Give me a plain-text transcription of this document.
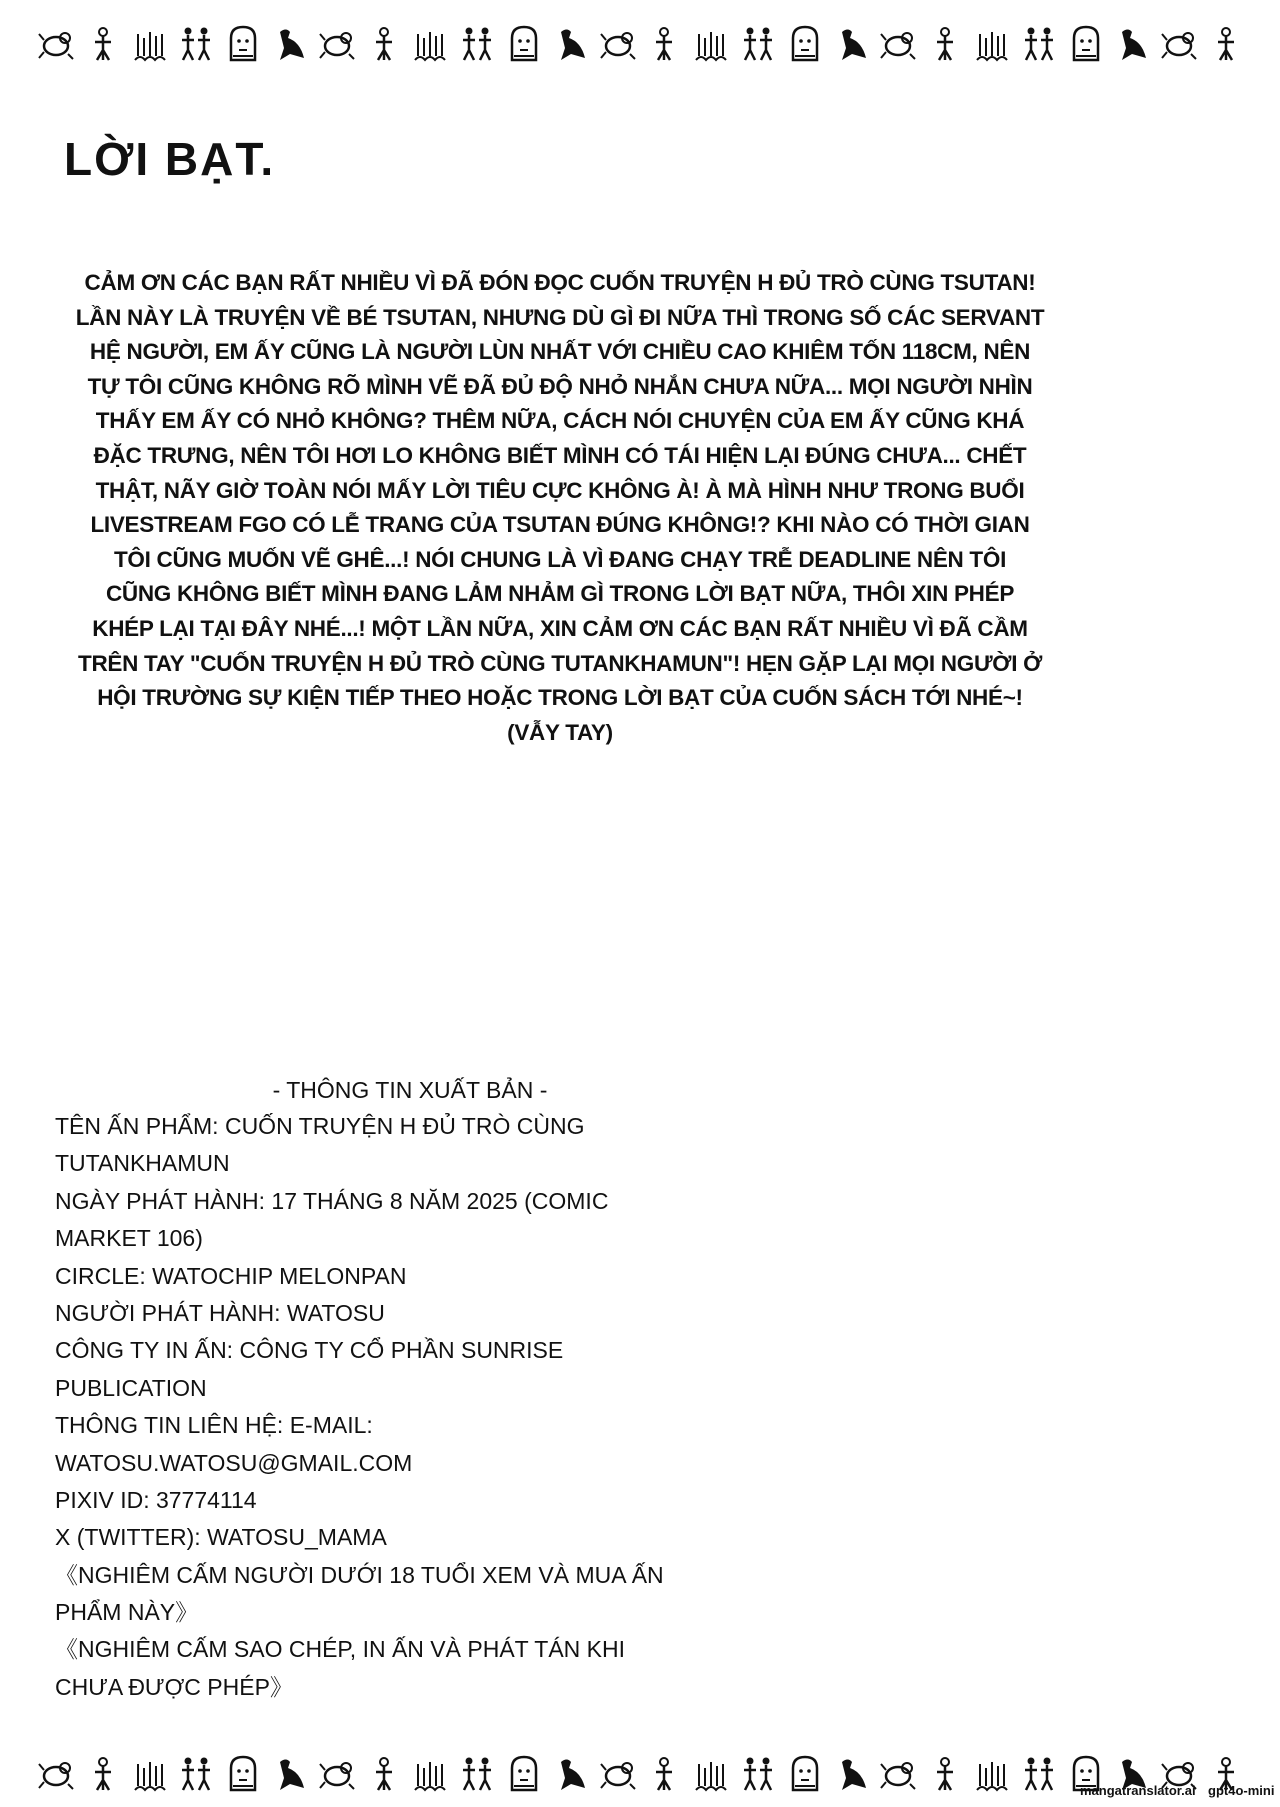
LỜI BẠT.
CẢM ƠN CÁC BẠN RẤT NHIỀU VÌ ĐÃ ĐÓN ĐỌC CUỐN TRUYỆN H ĐỦ TRÒ CÙNG TSUTAN!
LẦN NÀY LÀ TRUYỆN VỀ BÉ TSUTAN, NHƯNG DÙ GÌ ĐI NỮA THÌ TRONG SỐ CÁC SERVANT
HỆ NGƯỜI, EM ẤY CŨNG LÀ NGƯỜI LÙN NHẤT VỚI CHIỀU CAO KHIÊM TỐN 118CM, NÊN
TỰ TÔI CŨNG KHÔNG RÕ MÌNH VẼ ĐÃ ĐỦ ĐỘ NHỎ NHẮN CHƯA NỮA... MỌI NGƯỜI NHÌN
THẤY EM ẤY CÓ NHỎ KHÔNG? THÊM NỮA, CÁCH NÓI CHUYỆN CỦA EM ẤY CŨNG KHÁ
ĐẶC TRƯNG, NÊN TÔI HƠI LO KHÔNG BIẾT MÌNH CÓ TÁI HIỆN LẠI ĐÚNG CHƯA... CHẾT
THẬT, NÃY GIỜ TOÀN NÓI MẤY LỜI TIÊU CỰC KHÔNG À! À MÀ HÌNH NHƯ TRONG BUỔI
LIVESTREAM FGO CÓ LỄ TRANG CỦA TSUTAN ĐÚNG KHÔNG!? KHI NÀO CÓ THỜI GIAN
TÔI CŨNG MUỐN VẼ GHÊ...! NÓI CHUNG LÀ VÌ ĐANG CHẠY TRỄ DEADLINE NÊN TÔI
CŨNG KHÔNG BIẾT MÌNH ĐANG LẢM NHẢM GÌ TRONG LỜI BẠT NỮA, THÔI XIN PHÉP
KHÉP LẠI TẠI ĐÂY NHÉ...! MỘT LẦN NỮA, XIN CẢM ƠN CÁC BẠN RẤT NHIỀU VÌ ĐÃ CẦM
TRÊN TAY "CUỐN TRUYỆN H ĐỦ TRÒ CÙNG TUTANKHAMUN"! HẸN GẶP LẠI MỌI NGƯỜI Ở
HỘI TRƯỜNG SỰ KIỆN TIẾP THEO HOẶC TRONG LỜI BẠT CỦA CUỐN SÁCH TỚI NHÉ~!
(VẪY TAY)
- THÔNG TIN XUẤT BẢN -
TÊN ẤN PHẨM: CUỐN TRUYỆN H ĐỦ TRÒ CÙNG
TUTANKHAMUN
NGÀY PHÁT HÀNH: 17 THÁNG 8 NĂM 2025 (COMIC
MARKET 106)
CIRCLE: WATOCHIP MELONPAN
NGƯỜI PHÁT HÀNH: WATOSU
CÔNG TY IN ẤN: CÔNG TY CỔ PHẦN SUNRISE
PUBLICATION
THÔNG TIN LIÊN HỆ: E-MAIL:
WATOSU.WATOSU@GMAIL.COM
PIXIV ID: 37774114
X (TWITTER): WATOSU_MAMA
《NGHIÊM CẤM NGƯỜI DƯỚI 18 TUỔI XEM VÀ MUA ẤN
PHẨM NÀY》
《NGHIÊM CẤM SAO CHÉP, IN ẤN VÀ PHÁT TÁN KHI
CHƯA ĐƯỢC PHÉP》
mangatranslator.ai gpt4o-mini
